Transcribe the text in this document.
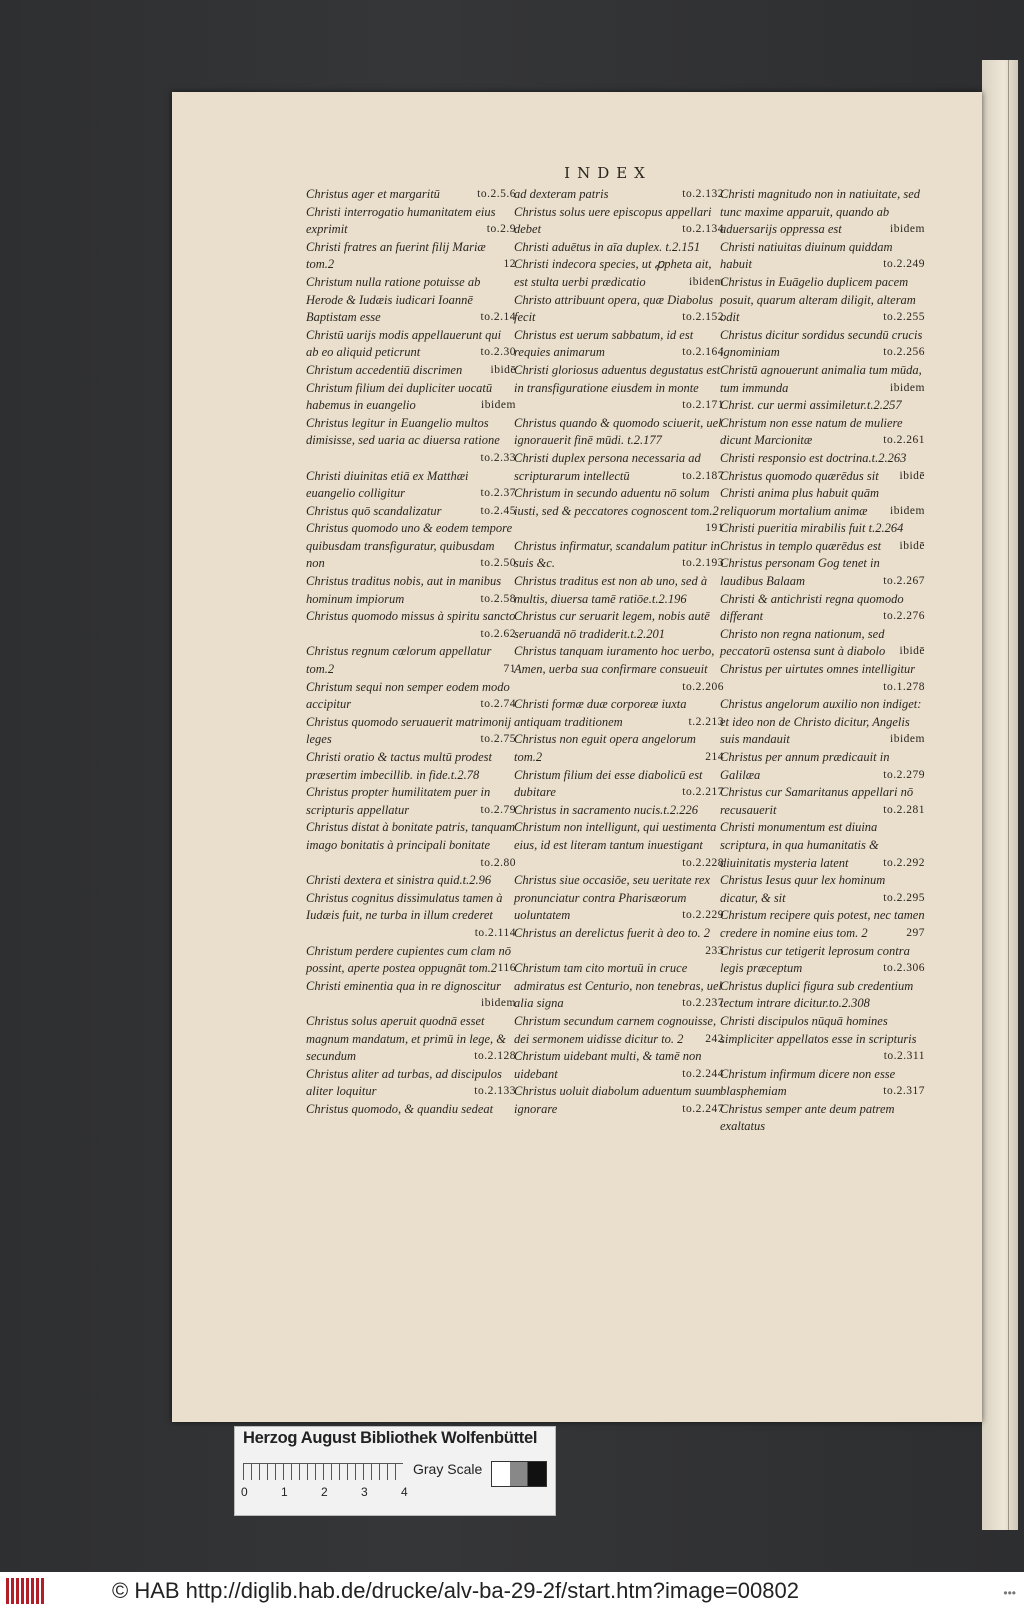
INDEX

Christus ager et margaritū	to.2.5.6

Christi interrogatio humanitatem eius exprimit	to.2.9

Christi fratres an fuerint filij Mariæ tom.2	12

Christum nulla ratione potuisse ab Herode & Iudæis iudicari Ioannē Baptistam esse	to.2.14

Christū uarijs modis appellauerunt qui ab eo aliquid peticrunt	to.2.30

Christum accedentiū discrimen ibidē

Christum filium dei dupliciter uocatū habemus in euangelio	ibidem

Christus legitur in Euangelio multos dimisisse, sed uaria ac diuersa ratione
to.2.33

Christi diuinitas etiā ex Matthæi euangelio colligitur	to.2.37

Christus quō scandalizatur	to.2.45

Christus quomodo uno & eodem tempore quibusdam transfiguratur, quibusdam non	to.2.50

Christus traditus nobis, aut in manibus hominum impiorum	to.2.58

Christus quomodo missus à spiritu sancto
to.2.62

Christus regnum cœlorum appellatur tom.2	71

Christum sequi non semper eodem modo accipitur	to.2.74

Christus quomodo seruauerit matrimonij leges	to.2.75

Christi oratio & tactus multū prodest præsertim imbecillib. in fide.t.2.78

Christus propter humilitatem puer in scripturis appellatur	to.2.79

Christus distat à bonitate patris, tanquam imago bonitatis à principali bonitate
to.2.80

Christi dextera et sinistra quid.t.2.96

Christus cognitus dissimulatus tamen à Iudæis fuit, ne turba in illum crederet
to.2.114

Christum perdere cupientes cum clam nō possint, aperte postea oppugnāt tom.2 116

Christi eminentia qua in re dignoscitur
ibidem

Christus solus aperuit quodnā esset magnum mandatum, et primū in lege, & secundum	to.2.128

Christus aliter ad turbas, ad discipulos aliter loquitur	to.2.133

Christus quomodo, & quandiu sedeat

ad dexteram patris	to.2.132

Christus solus uere episcopus appellari debet	to.2.134

Christi aduētus in aīa duplex. t.2.151

Christi indecora species, ut ꝓpheta ait, est stulta uerbi prædicatio	ibidem

Christo attribuunt opera, quæ Diabolus fecit	to.2.152

Christus est uerum sabbatum, id est requies animarum	to.2.164

Christi gloriosus aduentus degustatus est in transfiguratione eiusdem in monte
to.2.171

Christus quando & quomodo sciuerit, uel ignorauerit finē mūdi. t.2.177

Christi duplex persona necessaria ad scripturarum intellectū	to.2.187

Christum in secundo aduentu nō solum iusti, sed & peccatores cognoscent tom.2
191

Christus infirmatur, scandalum patitur in suis &c.	to.2.193

Christus traditus est non ab uno, sed à multis, diuersa tamē ratiōe.t.2.196

Christus cur seruarit legem, nobis autē seruandā nō tradiderit.t.2.201

Christus tanquam iuramento hoc uerbo, Amen, uerba sua confirmare consueuit
to.2.206

Christi formæ duæ corporeæ iuxta antiquam traditionem	t.2.213

Christus non eguit opera angelorum tom.2	214

Christum filium dei esse diabolicū est dubitare	to.2.217

Christus in sacramento nucis.t.2.226

Christum non intelligunt, qui uestimenta eius, id est literam tantum inuestigant
to.2.228

Christus siue occasiōe, seu ueritate rex pronunciatur contra Pharisæorum uoluntatem	to.2.229

Christus an derelictus fuerit à deo to. 2
233

Christum tam cito mortuū in cruce admiratus est Centurio, non tenebras, uel alia signa	to.2.237

Christum secundum carnem cognouisse, dei sermonem uidisse dicitur to. 2 242

Christum uidebant multi, & tamē non uidebant	to.2.244

Christus uoluit diabolum aduentum suum ignorare	to.2.247

Christi magnitudo non in natiuitate, sed tunc maxime apparuit, quando ab aduersarijs oppressa est	ibidem

Christi natiuitas diuinum quiddam habuit	to.2.249

Christus in Euāgelio duplicem pacem posuit, quarum alteram diligit, alteram odit	to.2.255

Christus dicitur sordidus secundū crucis ignominiam	to.2.256

Christū agnouerunt animalia tum mūda, tum immunda	ibidem

Christ. cur uermi assimiletur.t.2.257

Christum non esse natum de muliere dicunt Marcionitæ	to.2.261

Christi responsio est doctrina.t.2.263

Christus quomodo quærēdus sit ibidē

Christi anima plus habuit quām reliquorum mortalium animæ ibidem

Christi pueritia mirabilis fuit t.2.264

Christus in templo quærēdus est ibidē

Christus personam Gog tenet in laudibus Balaam	to.2.267

Christi & antichristi regna quomodo differant	to.2.276

Christo non regna nationum, sed peccatorū ostensa sunt à diabolo ibidē

Christus per uirtutes omnes intelligitur
to.1.278

Christus angelorum auxilio non indiget: et ideo non de Christo dicitur, Angelis suis mandauit	ibidem

Christus per annum prædicauit in Galilæa	to.2.279

Christus cur Samaritanus appellari nō recusauerit	to.2.281

Christi monumentum est diuina scriptura, in qua humanitatis & diuinitatis mysteria latent	to.2.292

Christus Iesus quur lex hominum dicatur, & sit	to.2.295

Christum recipere quis potest, nec tamen credere in nomine eius tom. 2	297

Christus cur tetigerit leprosum contra legis præceptum	to.2.306

Christus duplici figura sub credentium tectum intrare dicitur.to.2.308

Christi discipulos nūquā homines simpliciter appellatos esse in scripturis
to.2.311

Christum infirmum dicere non esse blasphemiam	to.2.317

Christus semper ante deum patrem exaltatus

Herzog August Bibliothek Wolfenbüttel
0	1	2	3	4
Gray Scale
© HAB http://diglib.hab.de/drucke/alv-ba-29-2f/start.htm?image=00802	•••
